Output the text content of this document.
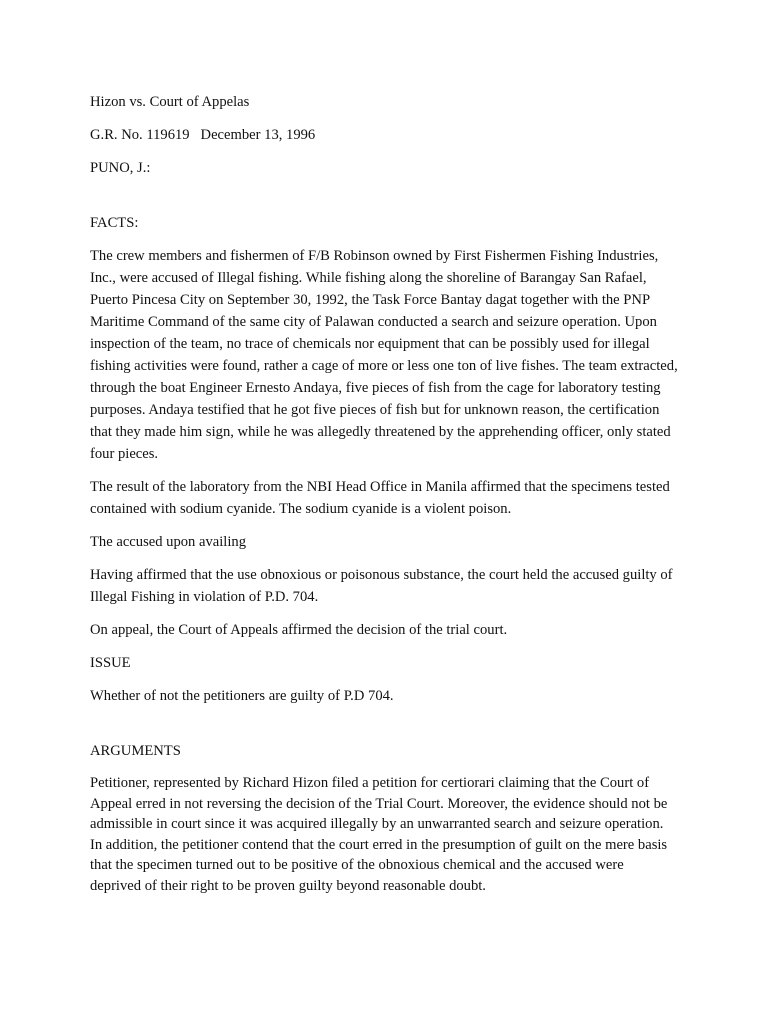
Hizon vs. Court of Appelas

G.R. No. 119619   December 13, 1996

PUNO, J.:

FACTS:

The crew members and fishermen of F/B Robinson owned by First Fishermen Fishing Industries, Inc., were accused of Illegal fishing. While fishing along the shoreline of Barangay San Rafael, Puerto Pincesa City on September 30, 1992, the Task Force Bantay dagat together with the PNP Maritime Command of the same city of Palawan conducted a search and seizure operation. Upon inspection of the team, no trace of chemicals nor equipment that can be possibly used for illegal fishing activities were found, rather a cage of more or less one ton of live fishes. The team extracted, through the boat Engineer Ernesto Andaya, five pieces of fish from the cage for laboratory testing purposes. Andaya testified that he got five pieces of fish but for unknown reason, the certification that they made him sign, while he was allegedly threatened by the apprehending officer, only stated four pieces.

The result of the laboratory from the NBI Head Office in Manila affirmed that the specimens tested contained with sodium cyanide. The sodium cyanide is a violent poison.

The accused upon availing

Having affirmed that the use obnoxious or poisonous substance, the court held the accused guilty of Illegal Fishing in violation of P.D. 704.

On appeal, the Court of Appeals affirmed the decision of the trial court.

ISSUE

Whether of not the petitioners are guilty of P.D 704.

ARGUMENTS

Petitioner, represented by Richard Hizon filed a petition for certiorari claiming that the Court of Appeal erred in not reversing the decision of the Trial Court. Moreover, the evidence should not be admissible in court since it was acquired illegally by an unwarranted search and seizure operation. In addition, the petitioner contend that the court erred in the presumption of guilt on the mere basis that the specimen turned out to be positive of the obnoxious chemical and the accused were deprived of their right to be proven guilty beyond reasonable doubt.
